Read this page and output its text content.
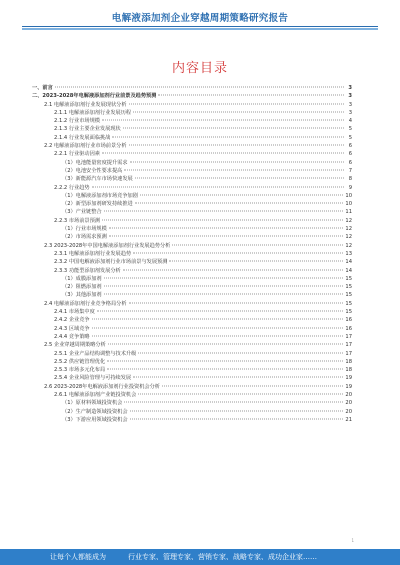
电解液添加剂企业穿越周期策略研究报告
内容目录
一、前言	3
二、2023-2028年电解液添加剂行业前景及趋势预测	3
2.1 电解液添加剂行业发展现状分析	3
2.1.1 电解液添加剂行业发展历程	3
2.1.2 行业市场规模	4
2.1.3 行业主要企业发展现状	5
2.1.4 行业发展面临挑战	5
2.2 电解液添加剂行业市场前景分析	6
2.2.1 行业驱动因素	6
（1）电池能量密度提升需求	6
（2）电池安全性要求提高	7
（3）新能源汽车市场快速发展	8
2.2.2 行业趋势	9
（1）电解液添加剂市场竞争加剧	10
（2）新型添加剂研发持续推进	10
（3）产业链整合	11
2.2.3 市场前景预测	12
（1）行业市场规模	12
（2）市场需求预测	12
2.3 2023-2028年中国电解液添加剂行业发展趋势分析	12
2.3.1 电解液添加剂行业发展趋势	13
2.3.2 中国电解液添加剂行业市场前景与发展预测	14
2.3.3 功能型添加剂发展分析	14
（1）成膜添加剂	15
（2）阻燃添加剂	15
（3）其他添加剂	15
2.4 电解液添加剂行业竞争格局分析	15
2.4.1 市场集中度	15
2.4.2 企业竞争	16
2.4.3 区域竞争	16
2.4.4 竞争策略	17
2.5 企业穿越周期策略分析	17
2.5.1 企业产品结构调整与技术升级	17
2.5.2 供应链管理优化	18
2.5.3 市场多元化布局	18
2.5.4 企业风险管理与可持续发展	19
2.6 2023-2028年电解液添加剂行业投资机会分析	19
2.6.1 电解液添加剂产业链投资机会	20
（1）原材料领域投资机会	20
（2）生产制造领域投资机会	20
（3）下游应用领域投资机会	21
1
让每个人都能成为	行业专家、管理专家、营销专家、战略专家、成功企业家……
